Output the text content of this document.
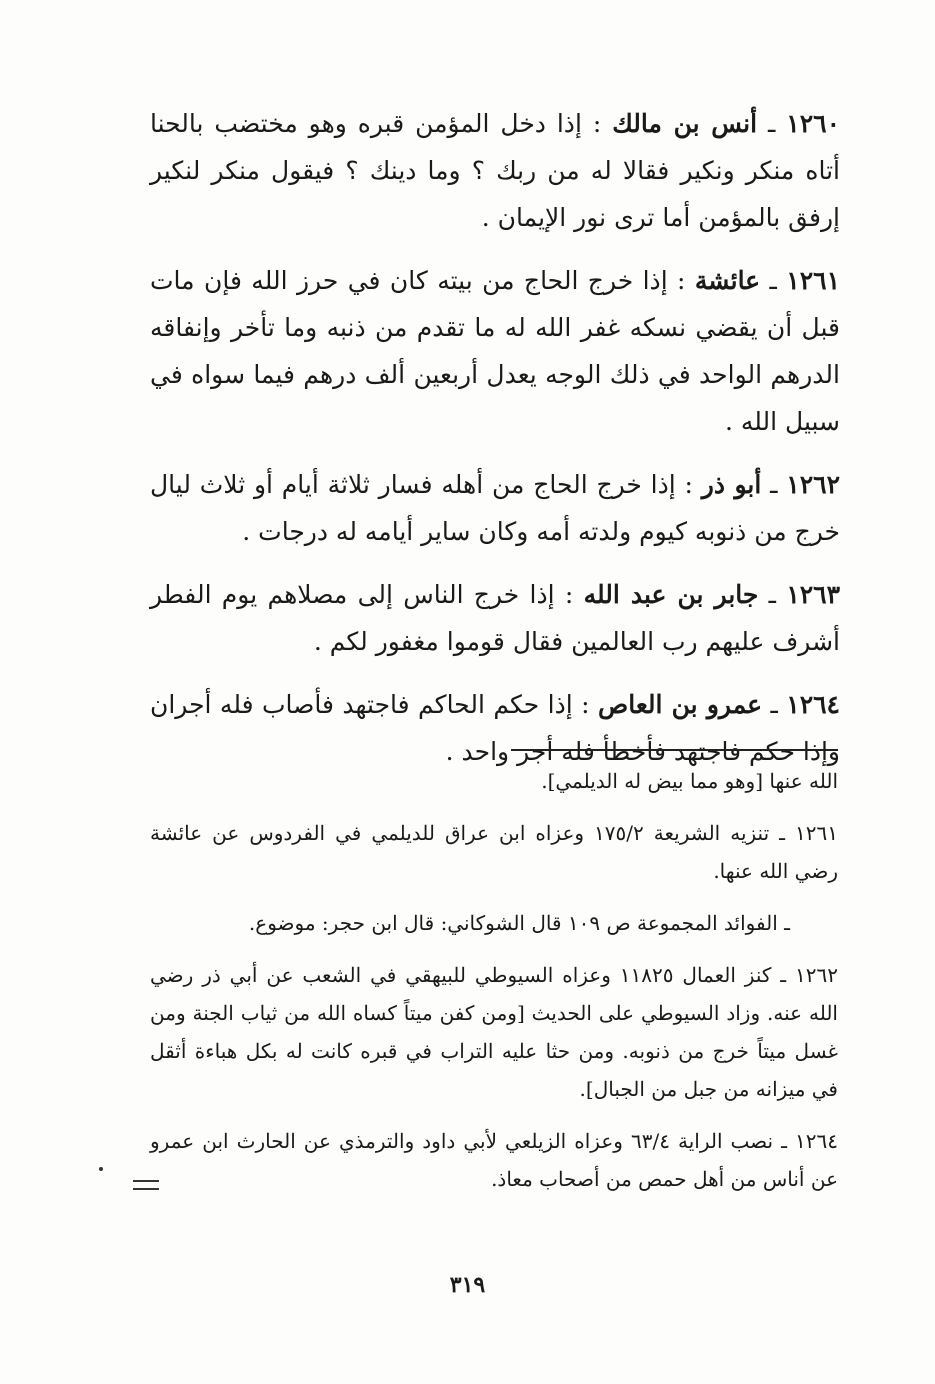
١٢٦٠ ـ أنس بن مالك : إذا دخل المؤمن قبره وهو مختضب بالحنا أتاه منكر ونكير فقالا له من ربك ؟ وما دينك ؟ فيقول منكر لنكير إرفق بالمؤمن أما ترى نور الإيمان .

١٢٦١ ـ عائشة : إذا خرج الحاج من بيته كان في حرز الله فإن مات قبل أن يقضي نسكه غفر الله له ما تقدم من ذنبه وما تأخر وإنفاقه الدرهم الواحد في ذلك الوجه يعدل أربعين ألف درهم فيما سواه في سبيل الله .

١٢٦٢ ـ أبو ذر : إذا خرج الحاج من أهله فسار ثلاثة أيام أو ثلاث ليال خرج من ذنوبه كيوم ولدته أمه وكان ساير أيامه له درجات .

١٢٦٣ ـ جابر بن عبد الله : إذا خرج الناس إلى مصلاهم يوم الفطر أشرف عليهم رب العالمين فقال قوموا مغفور لكم .

١٢٦٤ ـ عمرو بن العاص : إذا حكم الحاكم فاجتهد فأصاب فله أجران وإذا حكم فاجتهد فأخطأ فله أجر واحد .

الله عنها [وهو مما بيض له الديلمي].

١٢٦١ ـ تنزيه الشريعة ١٧٥/٢ وعزاه ابن عراق للديلمي في الفردوس عن عائشة رضي الله عنها.

ـ الفوائد المجموعة ص ١٠٩ قال الشوكاني: قال ابن حجر: موضوع.

١٢٦٢ ـ كنز العمال ١١٨٢٥ وعزاه السيوطي للبيهقي في الشعب عن أبي ذر رضي الله عنه. وزاد السيوطي على الحديث [ومن كفن ميتاً كساه الله من ثياب الجنة ومن غسل ميتاً خرج من ذنوبه. ومن حثا عليه التراب في قبره كانت له بكل هباءة أثقل في ميزانه من جبل من الجبال].

١٢٦٤ ـ نصب الراية ٦٣/٤ وعزاه الزيلعي لأبي داود والترمذي عن الحارث ابن عمرو عن أناس من أهل حمص من أصحاب معاذ.

٣١٩
